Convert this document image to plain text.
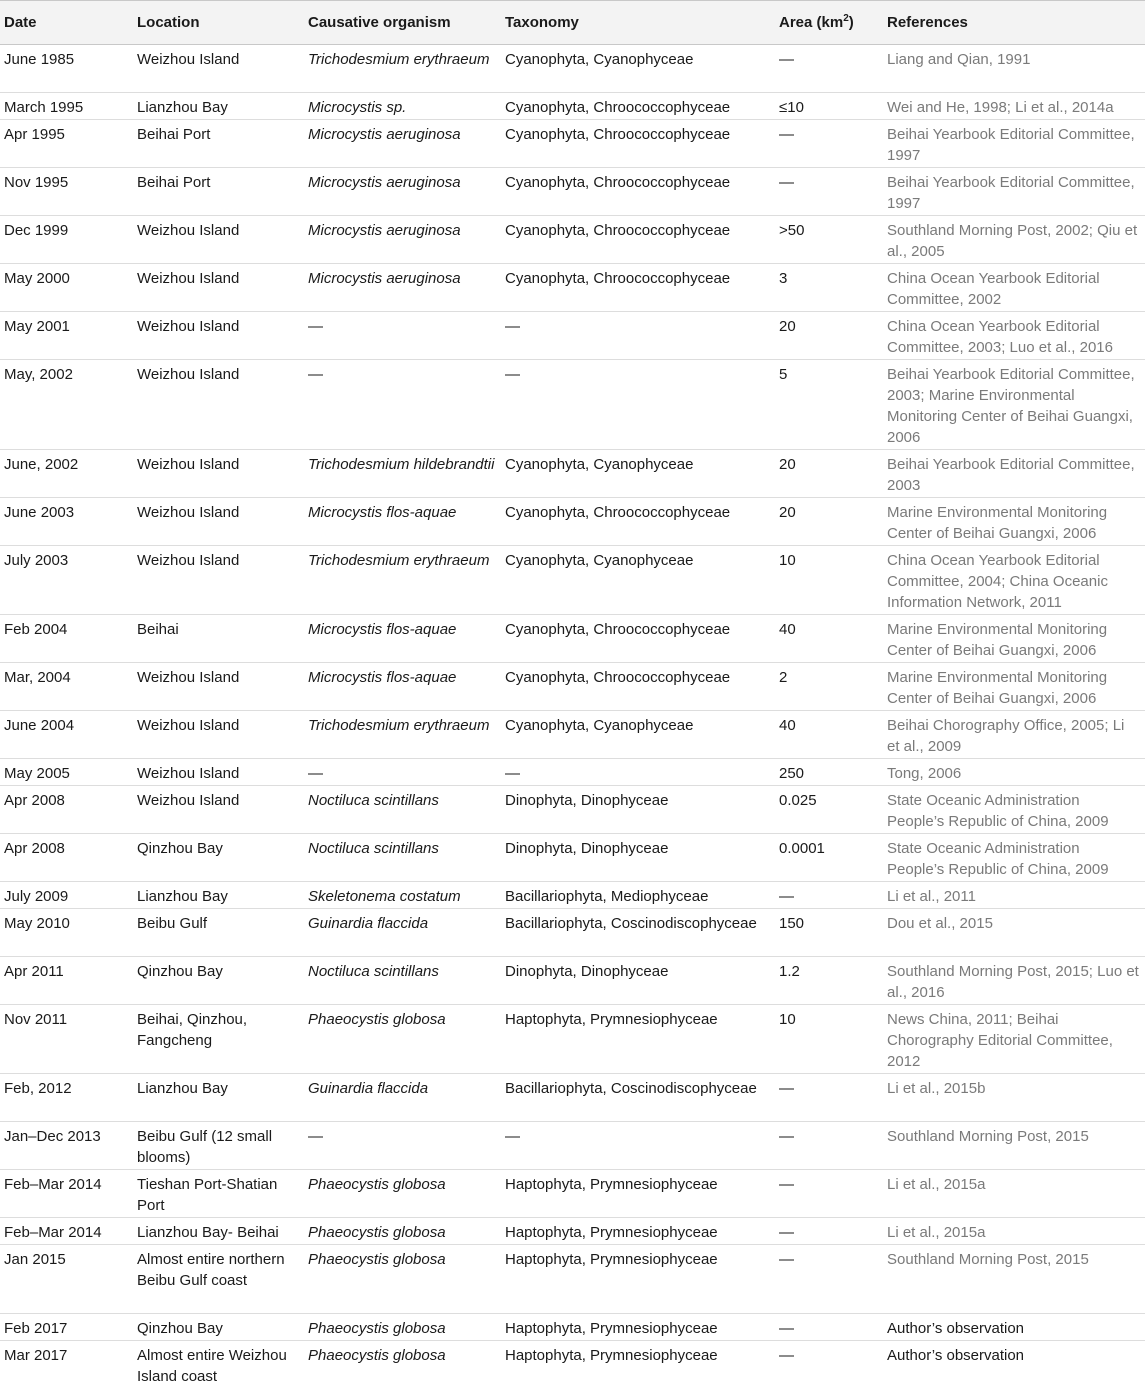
Date	Location	Causative organism	Taxonomy	Area $(km^2)$	References
June 1985	Weizhou Island	Trichodesmium erythraeum	Cyanophyta, Cyanophyceae	—	Liang and Qian, 1991
March 1995	Lianzhou Bay	Microcystis sp.	Cyanophyta, Chroococcophyceae	≤10	Wei and He, 1998; Li et al., 2014a
Apr 1995	Beihai Port	Microcystis aeruginosa	Cyanophyta, Chroococcophyceae	—	Beihai Yearbook Editorial Committee, 1997
Nov 1995	Beihai Port	Microcystis aeruginosa	Cyanophyta, Chroococcophyceae	—	Beihai Yearbook Editorial Committee, 1997
Dec 1999	Weizhou Island	Microcystis aeruginosa	Cyanophyta, Chroococcophyceae	>50	Southland Morning Post, 2002; Qiu et al., 2005
May 2000	Weizhou Island	Microcystis aeruginosa	Cyanophyta, Chroococcophyceae	3	China Ocean Yearbook Editorial Committee, 2002
May 2001	Weizhou Island	—	—	20	China Ocean Yearbook Editorial Committee, 2003; Luo et al., 2016
May, 2002	Weizhou Island	—	—	5	Beihai Yearbook Editorial Committee, 2003; Marine Environmental Monitoring Center of Beihai Guangxi, 2006
June, 2002	Weizhou Island	Trichodesmium hildebrandtii	Cyanophyta, Cyanophyceae	20	Beihai Yearbook Editorial Committee, 2003
June 2003	Weizhou Island	Microcystis flos-aquae	Cyanophyta, Chroococcophyceae	20	Marine Environmental Monitoring Center of Beihai Guangxi, 2006
July 2003	Weizhou Island	Trichodesmium erythraeum	Cyanophyta, Cyanophyceae	10	China Ocean Yearbook Editorial Committee, 2004; China Oceanic Information Network, 2011
Feb 2004	Beihai	Microcystis flos-aquae	Cyanophyta, Chroococcophyceae	40	Marine Environmental Monitoring Center of Beihai Guangxi, 2006
Mar, 2004	Weizhou Island	Microcystis flos-aquae	Cyanophyta, Chroococcophyceae	2	Marine Environmental Monitoring Center of Beihai Guangxi, 2006
June 2004	Weizhou Island	Trichodesmium erythraeum	Cyanophyta, Cyanophyceae	40	Beihai Chorography Office, 2005; Li et al., 2009
May 2005	Weizhou Island	—	—	250	Tong, 2006
Apr 2008	Weizhou Island	Noctiluca scintillans	Dinophyta, Dinophyceae	0.025	State Oceanic Administration People’s Republic of China, 2009
Apr 2008	Qinzhou Bay	Noctiluca scintillans	Dinophyta, Dinophyceae	0.0001	State Oceanic Administration People’s Republic of China, 2009
July 2009	Lianzhou Bay	Skeletonema costatum	Bacillariophyta, Mediophyceae	—	Li et al., 2011
May 2010	Beibu Gulf	Guinardia flaccida	Bacillariophyta, Coscinodiscophyceae	150	Dou et al., 2015
Apr 2011	Qinzhou Bay	Noctiluca scintillans	Dinophyta, Dinophyceae	1.2	Southland Morning Post, 2015; Luo et al., 2016
Nov 2011	Beihai, Qinzhou, Fangcheng	Phaeocystis globosa	Haptophyta, Prymnesiophyceae	10	News China, 2011; Beihai Chorography Editorial Committee, 2012
Feb, 2012	Lianzhou Bay	Guinardia flaccida	Bacillariophyta, Coscinodiscophyceae	—	Li et al., 2015b
Jan–Dec 2013	Beibu Gulf (12 small blooms)	—	—	—	Southland Morning Post, 2015
Feb–Mar 2014	Tieshan Port-Shatian Port	Phaeocystis globosa	Haptophyta, Prymnesiophyceae	—	Li et al., 2015a
Feb–Mar 2014	Lianzhou Bay- Beihai	Phaeocystis globosa	Haptophyta, Prymnesiophyceae	—	Li et al., 2015a
Jan 2015	Almost entire northern Beibu Gulf coast	Phaeocystis globosa	Haptophyta, Prymnesiophyceae	—	Southland Morning Post, 2015
Feb 2017	Qinzhou Bay	Phaeocystis globosa	Haptophyta, Prymnesiophyceae	—	Author’s observation
Mar 2017	Almost entire Weizhou Island coast	Phaeocystis globosa	Haptophyta, Prymnesiophyceae	—	Author’s observation
